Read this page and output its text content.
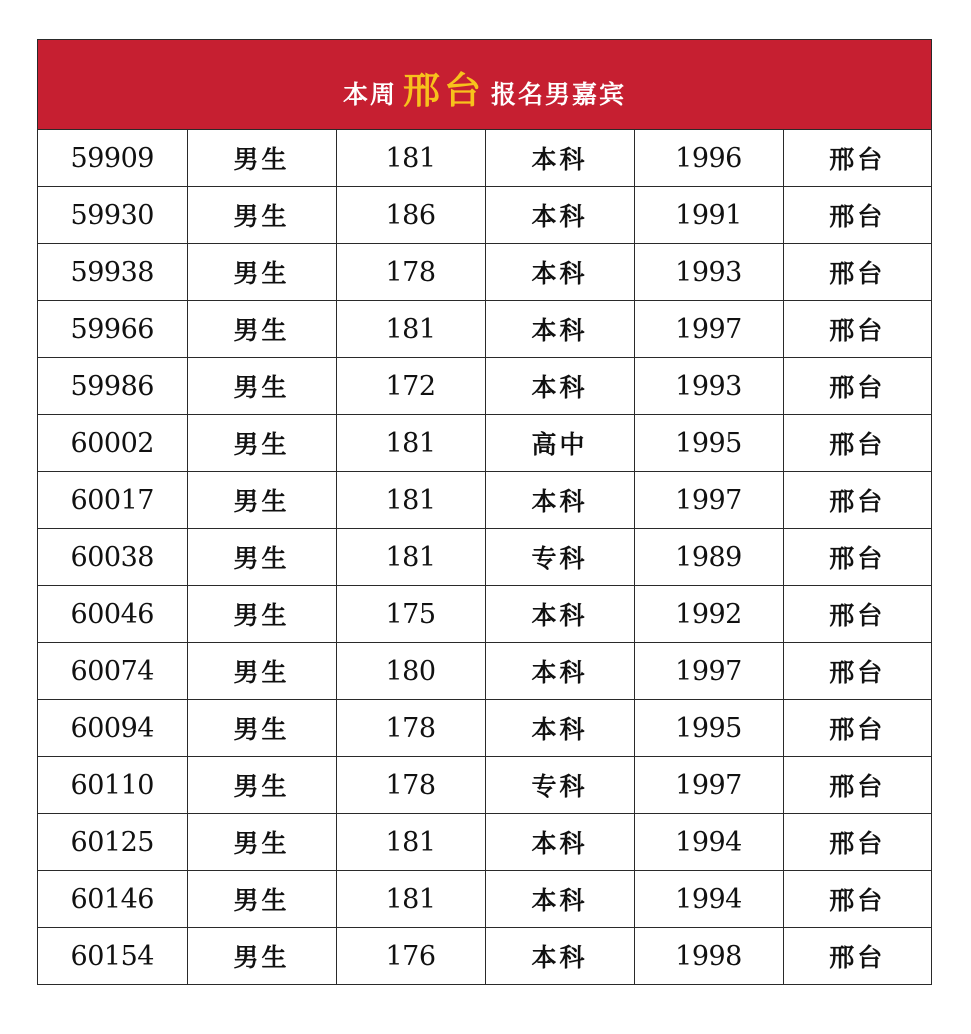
本周 邢台 报名男嘉宾
59909	男生	181	本科	1996	邢台
59930	男生	186	本科	1991	邢台
59938	男生	178	本科	1993	邢台
59966	男生	181	本科	1997	邢台
59986	男生	172	本科	1993	邢台
60002	男生	181	高中	1995	邢台
60017	男生	181	本科	1997	邢台
60038	男生	181	专科	1989	邢台
60046	男生	175	本科	1992	邢台
60074	男生	180	本科	1997	邢台
60094	男生	178	本科	1995	邢台
60110	男生	178	专科	1997	邢台
60125	男生	181	本科	1994	邢台
60146	男生	181	本科	1994	邢台
60154	男生	176	本科	1998	邢台
